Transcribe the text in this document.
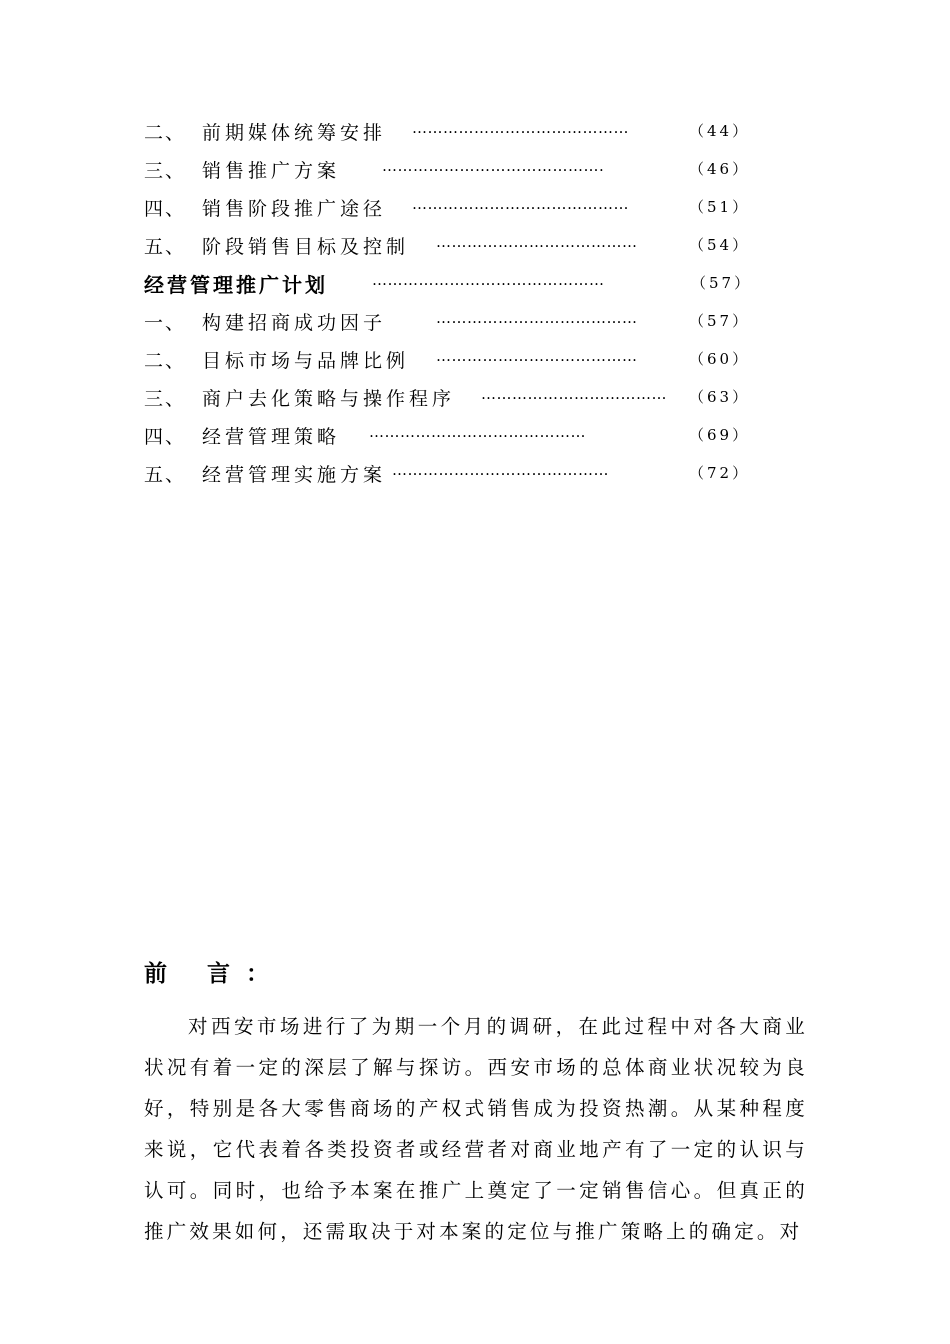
二、 前期媒体统筹安排 ……………………………………	（44）
三、 销售推广方案	…………………………………….	（46）
四、 销售阶段推广途径 ……………………………………	（51）
五、 阶段销售目标及控制 …………………………………	（54）
经营管理推广计划	………………………………………	（57）
一、 构建招商成功因子	…………………………………	（57）
二、 目标市场与品牌比例 …………………………………	（60）
三、 商户去化策略与操作程序 ……………………………… （63）
四、 经营管理策略 ……………………………………	（69）
五、 经营管理实施方案 ……………………………………	（72）
前 言：

对西安市场进行了为期一个月的调研，在此过程中对各大商业状况有着一定的深层了解与探访。西安市场的总体商业状况较为良好，特别是各大零售商场的产权式销售成为投资热潮。从某种程度来说，它代表着各类投资者或经营者对商业地产有了一定的认识与认可。同时，也给予本案在推广上奠定了一定销售信心。但真正的推广效果如何，还需取决于对本案的定位与推广策略上的确定。对
